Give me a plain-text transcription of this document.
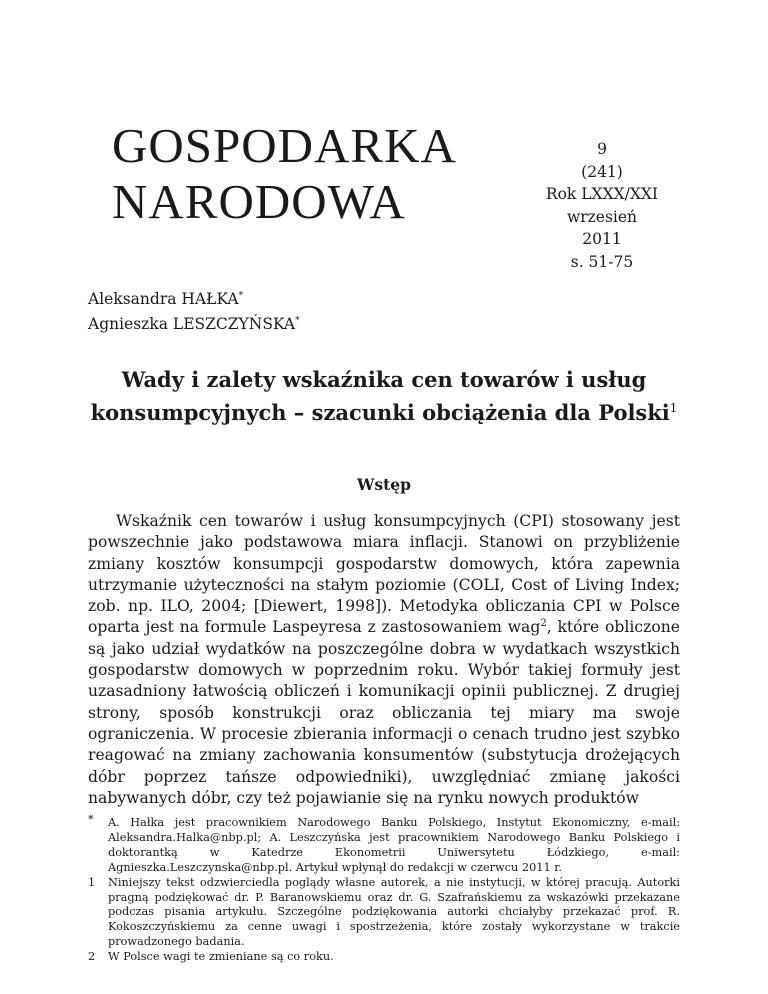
GOSPODARKA
NARODOWA
9
(241)
Rok LXXX/XXI
wrzesień
2011
s. 51-75
Aleksandra HAŁKA*
Agnieszka LESZCZYŃSKA*
Wady i zalety wskaźnika cen towarów i usług
konsumpcyjnych – szacunki obciążenia dla Polski$^1$
Wstęp

Wskaźnik cen towarów i usług konsumpcyjnych (CPI) stosowany jest powszechnie jako podstawowa miara inflacji. Stanowi on przybliżenie zmiany kosztów konsumpcji gospodarstw domowych, która zapewnia utrzymanie użyteczności na stałym poziomie (COLI, Cost of Living Index; zob. np. ILO, 2004; [Diewert, 1998]). Metodyka obliczania CPI w Polsce oparta jest na formule Laspeyresa z zastosowaniem wag$^2$, które obliczone są jako udział wydatków na poszczególne dobra w wydatkach wszystkich gospodarstw domowych w poprzednim roku. Wybór takiej formuły jest uzasadniony łatwością obliczeń i komunikacji opinii publicznej. Z drugiej strony, sposób konstrukcji oraz obliczania tej miary ma swoje ograniczenia. W procesie zbierania informacji o cenach trudno jest szybko reagować na zmiany zachowania konsumentów (substytucja drożejących dóbr poprzez tańsze odpowiedniki), uwzględniać zmianę jakości nabywanych dóbr, czy też pojawianie się na rynku nowych produktów

* A. Hałka jest pracownikiem Narodowego Banku Polskiego, Instytut Ekonomiczny, e-mail: Aleksandra.Halka@nbp.pl; A. Leszczyńska jest pracownikiem Narodowego Banku Polskiego i doktorantką w Katedrze Ekonometrii Uniwersytetu Łódzkiego, e-mail: Agnieszka.Leszczynska@nbp.pl. Artykuł wpłynął do redakcji w czerwcu 2011 r.
1 Niniejszy tekst odzwierciedla poglądy własne autorek, a nie instytucji, w której pracują. Autorki pragną podziękować dr. P. Baranowskiemu oraz dr. G. Szafrańskiemu za wskazówki przekazane podczas pisania artykułu. Szczególne podziękowania autorki chciałyby przekazać prof. R. Kokoszczyńskiemu za cenne uwagi i spostrzeżenia, które zostały wykorzystane w trakcie prowadzonego badania.
2 W Polsce wagi te zmieniane są co roku.
